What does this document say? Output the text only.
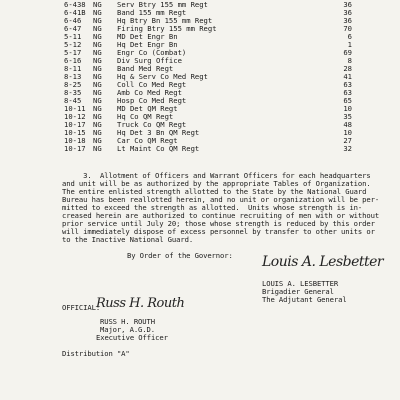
6-438 NG Serv Btry 155 mm Regt	36
6-41B NG Band 155 mm Regt	36
6-46 NG Hq Btry Bn 155 mm Regt	36
6-47 NG Firing Btry 155 mm Regt	70
5-11 NG MD Det Engr Bn	6
5-12 NG Hq Det Engr Bn	1
5-17 NG Engr Co (Combat)	69
6-16 NG Div Surg Office	8
8-11 NG Band Med Regt	28
8-13 NG Hq & Serv Co Med Regt	41
8-25 NG Coll Co Med Regt	63
8-35 NG Amb Co Med Regt	63
8-45 NG Hosp Co Med Regt	65
10-11 NG MD Det QM Regt	10
10-12 NG Hq Co QM Regt	35
10-17 NG Truck Co QM Regt	48
10-15 NG Hq Det 3 Bn QM Regt	10
10-18 NG Car Co QM Regt	27
10-17 NG Lt Maint Co QM Regt	32
3.  Allotment of Officers and Warrant Officers for each headquarters
and unit will be as authorized by the appropriate Tables of Organization.
The entire enlisted strength allotted to the State by the National Guard
Bureau has been reallotted herein, and no unit or organization will be per-
mitted to exceed the strength as allotted.  Units whose strength is in-
creased herein are authorized to continue recruiting of men with or without
prior service until July 20; those whose strength is reduced by this order
will immediately dispose of excess personnel by transfer to other units or
to the Inactive National Guard.
By Order of the Governor: Louis A. Lesbetter
LOUIS A. LESBETTER
Brigadier General
The Adjutant General
OFFICIAL:
Russ H. Routh
RUSS H. ROUTH
Major, A.G.D.
Executive Officer
Distribution "A"
